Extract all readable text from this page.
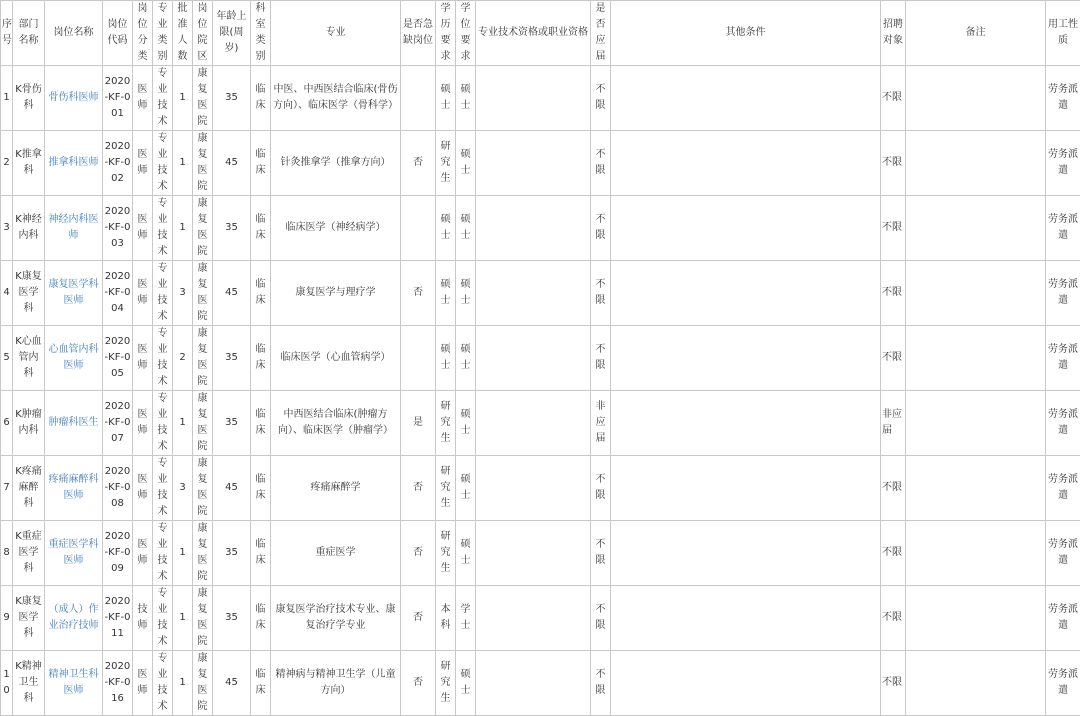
序号	部门名称	岗位名称	岗位代码	岗位分类	专业类别	批准人数	岗位院区	年龄上限(周岁)	科室类别	专业	是否急缺岗位	学历要求	学位要求	专业技术资格或职业资格	是否应届	其他条件	招聘对象	备注	用工性质
1	K骨伤科	骨伤科医师	2020-KF-001	医师	专业技术	1	康复医院	35	临床	中医、中西医结合临床(骨伤方向）、临床医学（骨科学）		硕士	硕士		不限		不限		劳务派遣
2	K推拿科	推拿科医师	2020-KF-002	医师	专业技术	1	康复医院	45	临床	针灸推拿学（推拿方向）	否	研究生	硕士		不限		不限		劳务派遣
3	K神经内科	神经内科医师	2020-KF-003	医师	专业技术	1	康复医院	35	临床	临床医学（神经病学）		硕士	硕士		不限		不限		劳务派遣
4	K康复医学科	康复医学科医师	2020-KF-004	医师	专业技术	3	康复医院	45	临床	康复医学与理疗学	否	硕士	硕士		不限		不限		劳务派遣
5	K心血管内科	心血管内科医师	2020-KF-005	医师	专业技术	2	康复医院	35	临床	临床医学（心血管病学）		硕士	硕士		不限		不限		劳务派遣
6	K肿瘤内科	肿瘤科医生	2020-KF-007	医师	专业技术	1	康复医院	35	临床	中西医结合临床(肿瘤方向）、临床医学（肿瘤学）	是	研究生	硕士		非应届		非应届		劳务派遣
7	K疼痛麻醉科	疼痛麻醉科医师	2020-KF-008	医师	专业技术	3	康复医院	45	临床	疼痛麻醉学	否	研究生	硕士		不限		不限		劳务派遣
8	K重症医学科	重症医学科医师	2020-KF-009	医师	专业技术	1	康复医院	35	临床	重症医学	否	研究生	硕士		不限		不限		劳务派遣
9	K康复医学科	（成人）作业治疗技师	2020-KF-011	技师	专业技术	1	康复医院	35	临床	康复医学治疗技术专业、康复治疗学专业	否	本科	学士		不限		不限		劳务派遣
10	K精神卫生科	精神卫生科医师	2020-KF-016	医师	专业技术	1	康复医院	45	临床	精神病与精神卫生学（儿童方向）	否	研究生	硕士		不限		不限		劳务派遣
